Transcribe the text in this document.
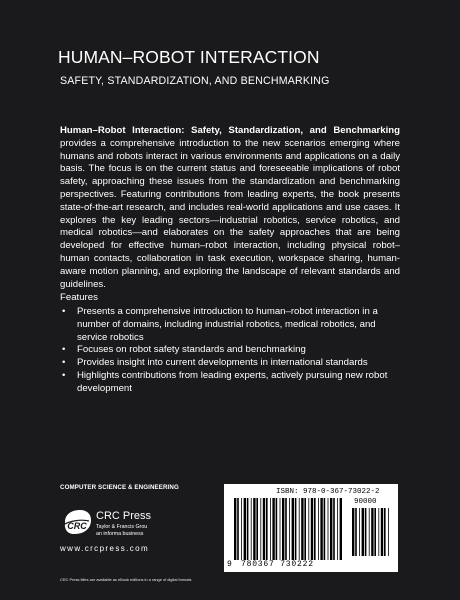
HUMAN–ROBOT INTERACTION
SAFETY, STANDARDIZATION, AND BENCHMARKING
Human–Robot Interaction: Safety, Standardization, and Benchmarking provides a comprehensive introduction to the new scenarios emerging where humans and robots interact in various environments and applications on a daily basis. The focus is on the current status and foreseeable implications of robot safety, approaching these issues from the standardization and benchmarking perspectives. Featuring contributions from leading experts, the book presents state-of-the-art research, and includes real-world applications and use cases. It explores the key leading sectors—industrial robotics, service robotics, and medical robotics—and elaborates on the safety approaches that are being developed for effective human–robot interaction, including physical robot–human contacts, collaboration in task execution, workspace sharing, human-aware motion planning, and exploring the landscape of relevant standards and guidelines.
Features
• Presents a comprehensive introduction to human–robot interaction in a number of domains, including industrial robotics, medical robotics, and service robotics
• Focuses on robot safety standards and benchmarking
• Provides insight into current developments in international standards
• Highlights contributions from leading experts, actively pursuing new robot development
COMPUTER SCIENCE & ENGINEERING
CRC
CRC Press
Taylor & Francis Grou
an informa business
www.crcpress.com
CRC Press titles are available as eBook editions in a range of digital formats
ISBN: 978-0-367-73022-2
90000
9 780367 730222
